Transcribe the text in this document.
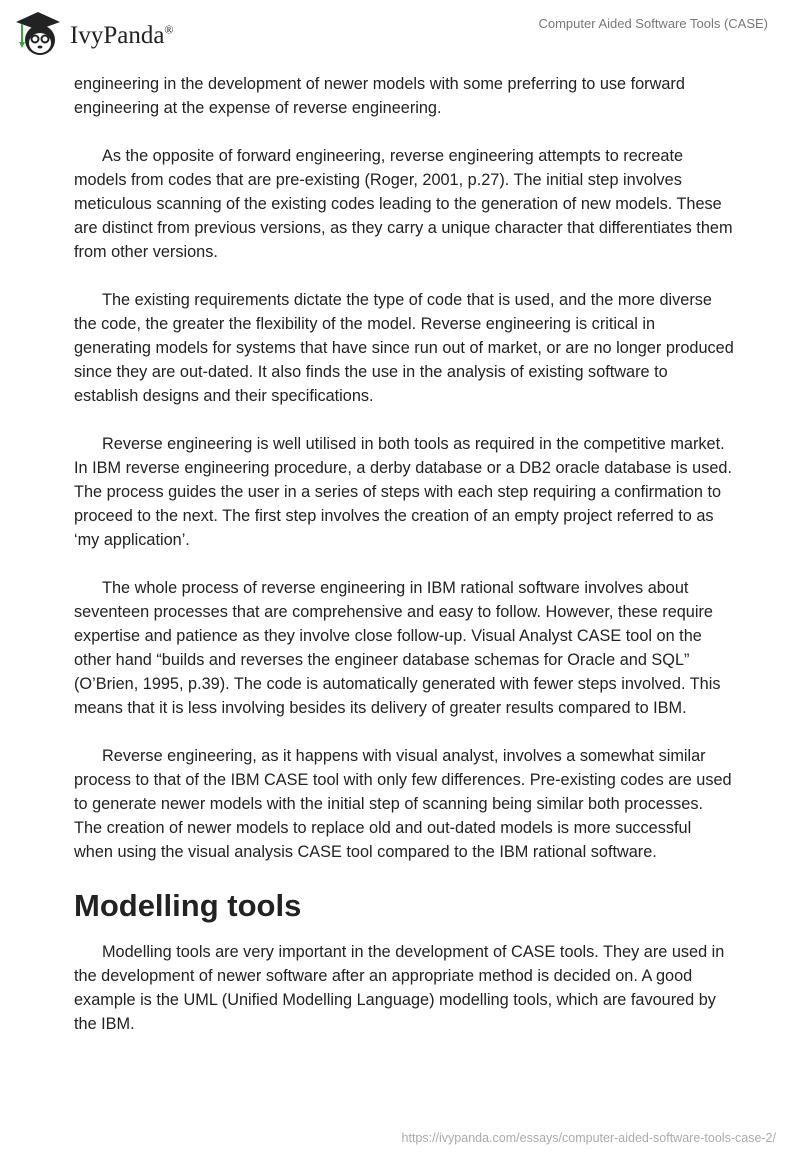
IvyPanda®	Computer Aided Software Tools (CASE)

engineering in the development of newer models with some preferring to use forward engineering at the expense of reverse engineering.

As the opposite of forward engineering, reverse engineering attempts to recreate models from codes that are pre-existing (Roger, 2001, p.27). The initial step involves meticulous scanning of the existing codes leading to the generation of new models. These are distinct from previous versions, as they carry a unique character that differentiates them from other versions.

The existing requirements dictate the type of code that is used, and the more diverse the code, the greater the flexibility of the model. Reverse engineering is critical in generating models for systems that have since run out of market, or are no longer produced since they are out-dated. It also finds the use in the analysis of existing software to establish designs and their specifications.

Reverse engineering is well utilised in both tools as required in the competitive market. In IBM reverse engineering procedure, a derby database or a DB2 oracle database is used. The process guides the user in a series of steps with each step requiring a confirmation to proceed to the next. The first step involves the creation of an empty project referred to as ‘my application’.

The whole process of reverse engineering in IBM rational software involves about seventeen processes that are comprehensive and easy to follow. However, these require expertise and patience as they involve close follow-up. Visual Analyst CASE tool on the other hand “builds and reverses the engineer database schemas for Oracle and SQL” (O’Brien, 1995, p.39). The code is automatically generated with fewer steps involved. This means that it is less involving besides its delivery of greater results compared to IBM.

Reverse engineering, as it happens with visual analyst, involves a somewhat similar process to that of the IBM CASE tool with only few differences. Pre-existing codes are used to generate newer models with the initial step of scanning being similar both processes. The creation of newer models to replace old and out-dated models is more successful when using the visual analysis CASE tool compared to the IBM rational software.

Modelling tools

Modelling tools are very important in the development of CASE tools. They are used in the development of newer software after an appropriate method is decided on. A good example is the UML (Unified Modelling Language) modelling tools, which are favoured by the IBM.

https://ivypanda.com/essays/computer-aided-software-tools-case-2/
